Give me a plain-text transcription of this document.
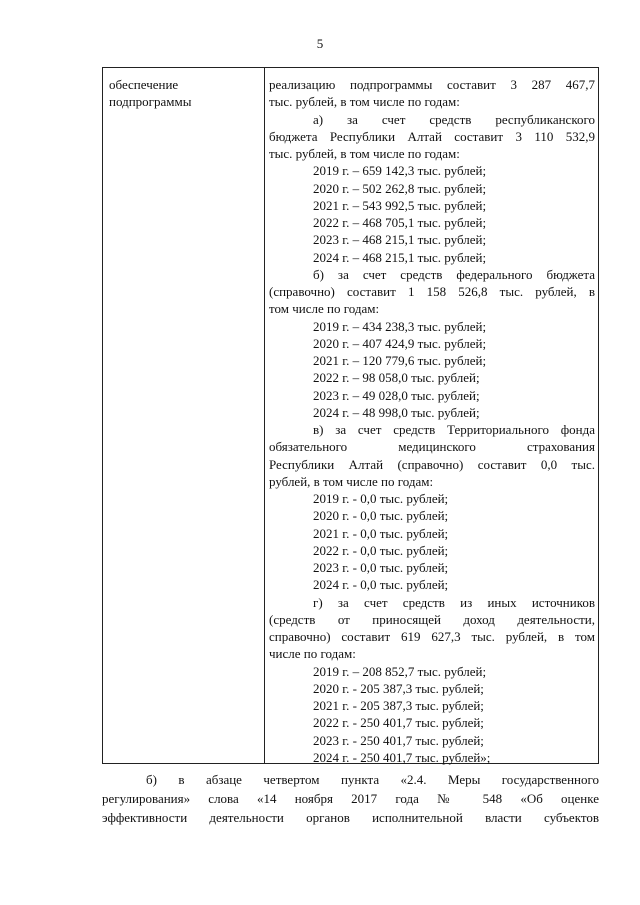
5
обеспечение
подпрограммы
реализацию подпрограммы составит 3 287 467,7
тыс. рублей, в том числе по годам:
а) за счет средств республиканского
бюджета Республики Алтай составит 3 110 532,9
тыс. рублей, в том числе по годам:
2019 г. – 659 142,3 тыс. рублей;
2020 г. – 502 262,8 тыс. рублей;
2021 г. – 543 992,5 тыс. рублей;
2022 г. – 468 705,1 тыс. рублей;
2023 г. – 468 215,1 тыс. рублей;
2024 г. – 468 215,1 тыс. рублей;
б) за счет средств федерального бюджета
(справочно) составит 1 158 526,8 тыс. рублей, в
том числе по годам:
2019 г. – 434 238,3 тыс. рублей;
2020 г. – 407 424,9 тыс. рублей;
2021 г. – 120 779,6 тыс. рублей;
2022 г. – 98 058,0 тыс. рублей;
2023 г. – 49 028,0 тыс. рублей;
2024 г. – 48 998,0 тыс. рублей;
в) за счет средств Территориального фонда
обязательного медицинского страхования
Республики Алтай (справочно) составит 0,0 тыс.
рублей, в том числе по годам:
2019 г. - 0,0 тыс. рублей;
2020 г. - 0,0 тыс. рублей;
2021 г. - 0,0 тыс. рублей;
2022 г. - 0,0 тыс. рублей;
2023 г. - 0,0 тыс. рублей;
2024 г. - 0,0 тыс. рублей;
г) за счет средств из иных источников
(средств от приносящей доход деятельности,
справочно) составит 619 627,3 тыс. рублей, в том
числе по годам:
2019 г. – 208 852,7 тыс. рублей;
2020 г. - 205 387,3 тыс. рублей;
2021 г. - 205 387,3 тыс. рублей;
2022 г. - 250 401,7 тыс. рублей;
2023 г. - 250 401,7 тыс. рублей;
2024 г. - 250 401,7 тыс. рублей»;
б) в абзаце четвертом пункта «2.4. Меры государственного
регулирования» слова «14 ноября 2017 года № 548 «Об оценке
эффективности деятельности органов исполнительной власти субъектов
